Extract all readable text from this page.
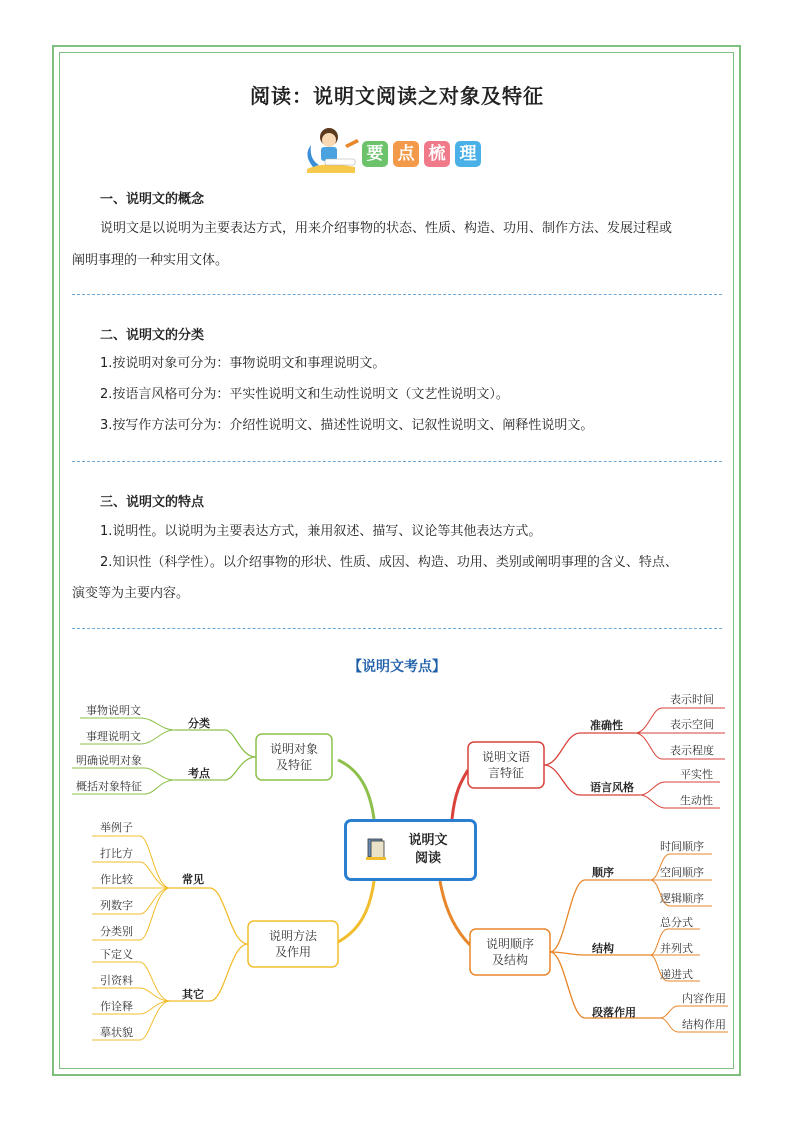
阅读：说明文阅读之对象及特征
要 点 梳 理
一、说明文的概念
说明文是以说明为主要表达方式，用来介绍事物的状态、性质、构造、功用、制作方法、发展过程或
阐明事理的一种实用文体。
二、说明文的分类
1.按说明对象可分为：事物说明文和事理说明文。
2.按语言风格可分为：平实性说明文和生动性说明文（文艺性说明文）。
3.按写作方法可分为：介绍性说明文、描述性说明文、记叙性说明文、阐释性说明文。
三、说明文的特点
1.说明性。以说明为主要表达方式，兼用叙述、描写、议论等其他表达方式。
2.知识性（科学性）。以介绍事物的形状、性质、成因、构造、功用、类别或阐明事理的含义、特点、
演变等为主要内容。
【说明文考点】
说明文
阅读
说明对象
及特征
分类
考点
事物说明文
事理说明文
明确说明对象
概括对象特征
说明文语
言特征
准确性
语言风格
表示时间
表示空间
表示程度
平实性
生动性
说明方法
及作用
常见
其它
举例子
打比方
作比较
列数字
分类别
下定义
引资料
作诠释
摹状貌
说明顺序
及结构
顺序
结构
段落作用
时间顺序
空间顺序
逻辑顺序
总分式
并列式
递进式
内容作用
结构作用
